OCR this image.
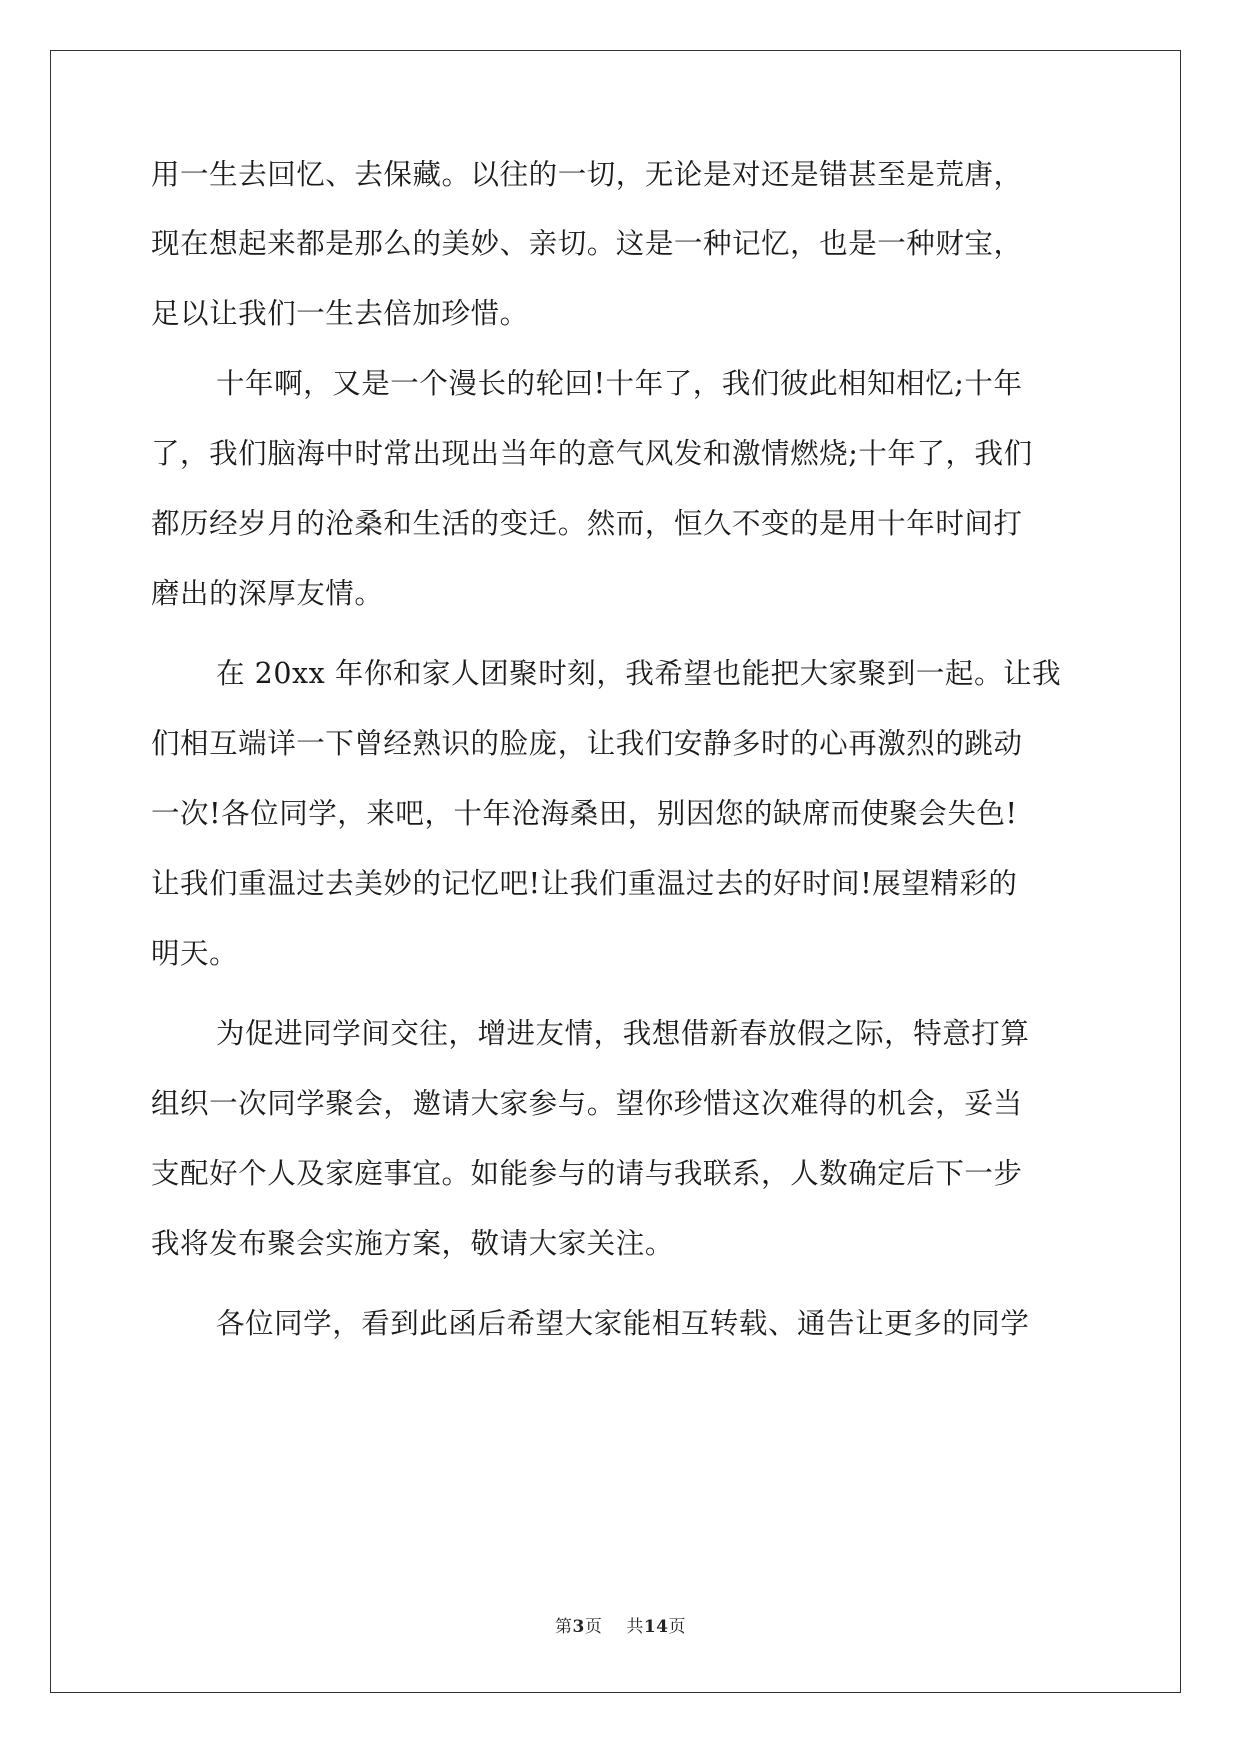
用一生去回忆、去保藏。以往的一切，无论是对还是错甚至是荒唐，
现在想起来都是那么的美妙、亲切。这是一种记忆，也是一种财宝，
足以让我们一生去倍加珍惜。
十年啊，又是一个漫长的轮回!十年了，我们彼此相知相忆;十年
了，我们脑海中时常出现出当年的意气风发和激情燃烧;十年了，我们
都历经岁月的沧桑和生活的变迁。然而，恒久不变的是用十年时间打
磨出的深厚友情。
在 20xx 年你和家人团聚时刻，我希望也能把大家聚到一起。让我
们相互端详一下曾经熟识的脸庞，让我们安静多时的心再激烈的跳动
一次!各位同学，来吧，十年沧海桑田，别因您的缺席而使聚会失色!
让我们重温过去美妙的记忆吧!让我们重温过去的好时间!展望精彩的
明天。
为促进同学间交往，增进友情，我想借新春放假之际，特意打算
组织一次同学聚会，邀请大家参与。望你珍惜这次难得的机会，妥当
支配好个人及家庭事宜。如能参与的请与我联系，人数确定后下一步
我将发布聚会实施方案，敬请大家关注。
各位同学，看到此函后希望大家能相互转载、通告让更多的同学
第3页 共14页
